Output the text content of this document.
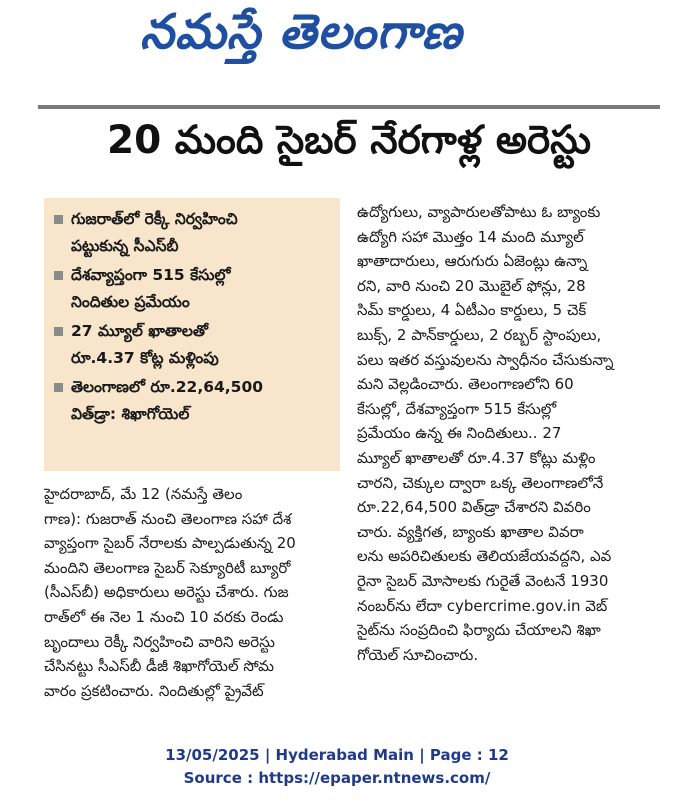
నమస్తే తెలంగాణ
20 మంది సైబర్ నేరగాళ్ల అరెస్టు
గుజరాత్‌లో రెక్కీ నిర్వహించి
పట్టుకున్న సీఎస్‌బీ
దేశవ్యాప్తంగా 515 కేసుల్లో
నిందితుల ప్రమేయం
27 మ్యూల్ ఖాతాలతో
రూ.4.37 కోట్ల మళ్లింపు
తెలంగాణలో రూ.22,64,500
విత్‌డ్రా: శిఖాగోయెల్
హైదరాబాద్, మే 12 (నమస్తే తెలం
గాణ): గుజరాత్ నుంచి తెలంగాణ సహా దేశ
వ్యాప్తంగా సైబర్ నేరాలకు పాల్పడుతున్న 20
మందిని తెలంగాణ సైబర్ సెక్యూరిటీ బ్యూరో
(సీఎస్‌బీ) అధికారులు అరెస్టు చేశారు. గుజ
రాత్‌లో ఈ నెల 1 నుంచి 10 వరకు రెండు
బృందాలు రెక్కీ నిర్వహించి వారిని అరెస్టు
చేసినట్టు సీఎస్‌బీ డీజీ శిఖాగోయెల్ సోమ
వారం ప్రకటించారు. నిందితుల్లో ప్రైవేట్
ఉద్యోగులు, వ్యాపారులతోపాటు ఓ బ్యాంకు
ఉద్యోగి సహా మొత్తం 14 మంది మ్యూల్
ఖాతాదారులు, ఆరుగురు ఏజెంట్లు ఉన్నా
రని, వారి నుంచి 20 మొబైల్ ఫోన్లు, 28
సిమ్ కార్డులు, 4 ఏటీఎం కార్డులు, 5 చెక్
బుక్స్, 2 పాన్‌కార్డులు, 2 రబ్బర్ స్టాంపులు,
పలు ఇతర వస్తువులను స్వాధీనం చేసుకున్నా
మని వెల్లడించారు. తెలంగాణలోని 60
కేసుల్లో, దేశవ్యాప్తంగా 515 కేసుల్లో
ప్రమేయం ఉన్న ఈ నిందితులు.. 27
మ్యూల్ ఖాతాలతో రూ.4.37 కోట్లు మళ్లిం
చారని, చెక్కుల ద్వారా ఒక్క తెలంగాణలోనే
రూ.22,64,500 విత్‌డ్రా చేశారని వివరిం
చారు. వ్యక్తిగత, బ్యాంకు ఖాతాల వివరా
లను అపరిచితులకు తెలియజేయవద్దని, ఎవ
రైనా సైబర్ మోసాలకు గురైతే వెంటనే 1930
నంబర్‌ను లేదా cybercrime.gov.in వెబ్
సైట్‌ను సంప్రదించి ఫిర్యాదు చేయాలని శిఖా
గోయెల్ సూచించారు.
13/05/2025 | Hyderabad Main | Page : 12
Source : https://epaper.ntnews.com/
